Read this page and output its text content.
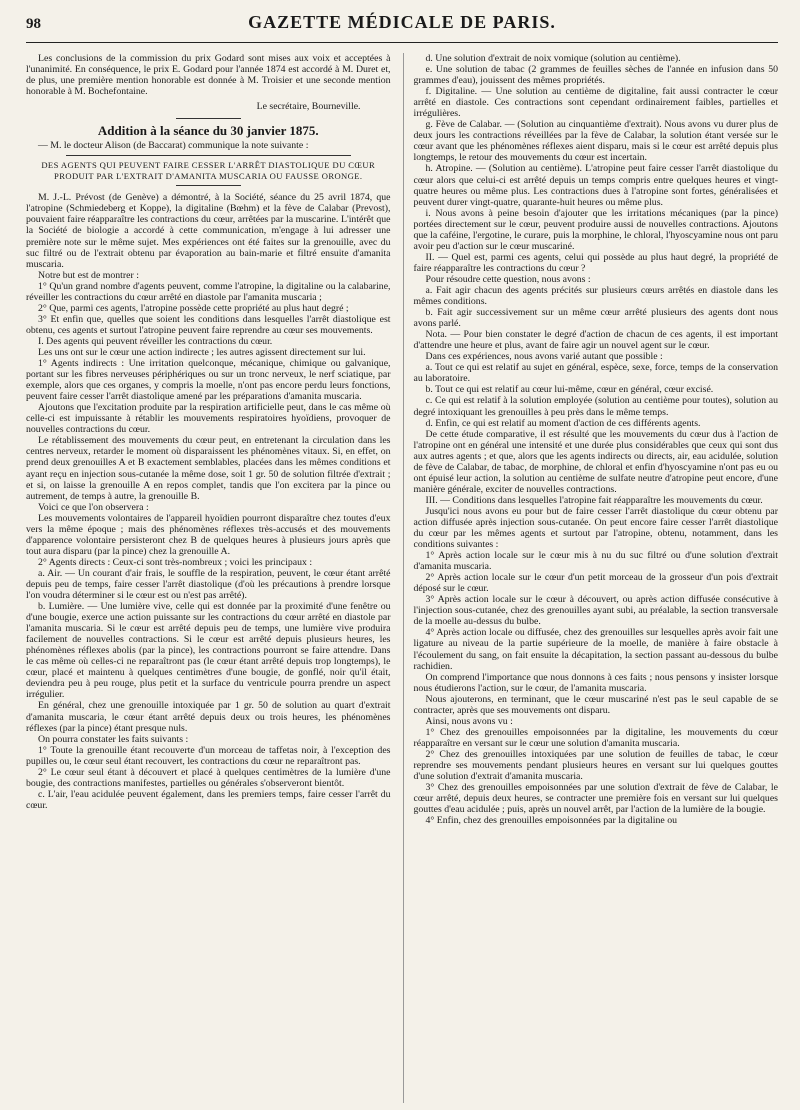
98	GAZETTE MÉDICALE DE PARIS.

Les conclusions de la commission du prix Godard sont mises aux voix et acceptées à l'unanimité. En conséquence, le prix E. Godard pour l'année 1874 est accordé à M. Duret et, de plus, une première mention honorable est donnée à M. Troisier et une seconde mention honorable à M. Bochefontaine.

Le secrétaire, Bourneville.
Addition à la séance du 30 janvier 1875.

— M. le docteur Alison (de Baccarat) communique la note suivante :

DES AGENTS QUI PEUVENT FAIRE CESSER L'ARRÊT DIASTOLIQUE DU CŒUR PRODUIT PAR L'EXTRAIT D'AMANITA MUSCARIA OU FAUSSE ORONGE.

M. J.-L. Prévost (de Genève) a démontré, à la Société, séance du 25 avril 1874, que l'atropine (Schmiedeberg et Koppe), la digitaline (Bœhm) et la fève de Calabar (Prevost), pouvaient faire réapparaître les contractions du cœur, arrêtées par la muscarine. L'intérêt que la Société de biologie a accordé à cette communication, m'engage à lui adresser une première note sur le même sujet. Mes expériences ont été faites sur la grenouille, avec du suc filtré ou de l'extrait obtenu par évaporation au bain-marie et filtré ensuite d'amanita muscaria.

Notre but est de montrer :

1° Qu'un grand nombre d'agents peuvent, comme l'atropine, la digitaline ou la calabarine, réveiller les contractions du cœur arrêté en diastole par l'amanita muscaria ;

2° Que, parmi ces agents, l'atropine possède cette propriété au plus haut degré ;

3° Et enfin que, quelles que soient les conditions dans lesquelles l'arrêt diastolique est obtenu, ces agents et surtout l'atropine peuvent faire reprendre au cœur ses mouvements.

I. Des agents qui peuvent réveiller les contractions du cœur.

Les uns ont sur le cœur une action indirecte ; les autres agissent directement sur lui.

1° Agents indirects : Une irritation quelconque, mécanique, chimique ou galvanique, portant sur les fibres nerveuses périphériques ou sur un tronc nerveux, le nerf sciatique, par exemple, alors que ces organes, y compris la moelle, n'ont pas encore perdu leurs fonctions, peuvent faire cesser l'arrêt diastolique amené par les préparations d'amanita muscaria.

Ajoutons que l'excitation produite par la respiration artificielle peut, dans le cas même où celle-ci est impuissante à rétablir les mouvements respiratoires hyoïdiens, provoquer de nouvelles contractions du cœur.

Le rétablissement des mouvements du cœur peut, en entretenant la circulation dans les centres nerveux, retarder le moment où disparaissent les phénomènes vitaux. Si, en effet, on prend deux grenouilles A et B exactement semblables, placées dans les mêmes conditions et ayant reçu en injection sous-cutanée la même dose, soit 1 gr. 50 de solution filtrée d'extrait ; et si, on laisse la grenouille A en repos complet, tandis que l'on excitera par la pince ou autrement, de temps à autre, la grenouille B.

Voici ce que l'on observera :

Les mouvements volontaires de l'appareil hyoïdien pourront disparaître chez toutes d'eux vers la même époque ; mais des phénomènes réflexes très-accusés et des mouvements d'apparence volontaire persisteront chez B de quelques heures à plusieurs jours après que tout aura disparu (par la pince) chez la grenouille A.

2° Agents directs : Ceux-ci sont très-nombreux ; voici les principaux :

a. Air. — Un courant d'air frais, le souffle de la respiration, peuvent, le cœur étant arrêté depuis peu de temps, faire cesser l'arrêt diastolique (d'où les précautions à prendre lorsque l'on voudra déterminer si le cœur est ou n'est pas arrêté).

b. Lumière. — Une lumière vive, celle qui est donnée par la proximité d'une fenêtre ou d'une bougie, exerce une action puissante sur les contractions du cœur arrêté en diastole par l'amanita muscaria. Si le cœur est arrêté depuis peu de temps, une lumière vive produira facilement de nouvelles contractions. Si le cœur est arrêté depuis plusieurs heures, les phénomènes réflexes abolis (par la pince), les contractions pourront se faire attendre. Dans le cas même où celles-ci ne reparaîtront pas (le cœur étant arrêté depuis trop longtemps), le cœur, placé et maintenu à quelques centimètres d'une bougie, de gonflé, noir qu'il était, deviendra peu à peu rouge, plus petit et la surface du ventricule pourra prendre un aspect irrégulier.

En général, chez une grenouille intoxiquée par 1 gr. 50 de solution au quart d'extrait d'amanita muscaria, le cœur étant arrêté depuis deux ou trois heures, les phénomènes réflexes (par la pince) étant presque nuls.

On pourra constater les faits suivants :

1° Toute la grenouille étant recouverte d'un morceau de taffetas noir, à l'exception des pupilles ou, le cœur seul étant recouvert, les contractions du cœur ne reparaîtront pas.

2° Le cœur seul étant à découvert et placé à quelques centimètres de la lumière d'une bougie, des contractions manifestes, partielles ou générales s'observeront bientôt.

c. L'air, l'eau acidulée peuvent également, dans les premiers temps, faire cesser l'arrêt du cœur.

d. Une solution d'extrait de noix vomique (solution au centième).

e. Une solution de tabac (2 grammes de feuilles sèches de l'année en infusion dans 50 grammes d'eau), jouissent des mêmes propriétés.

f. Digitaline. — Une solution au centième de digitaline, fait aussi contracter le cœur arrêté en diastole. Ces contractions sont cependant ordinairement faibles, partielles et irrégulières.

g. Fève de Calabar. — (Solution au cinquantième d'extrait). Nous avons vu durer plus de deux jours les contractions réveillées par la fève de Calabar, la solution étant versée sur le cœur avant que les phénomènes réflexes aient disparu, mais si le cœur est arrêté depuis plus longtemps, le retour des mouvements du cœur est incertain.

h. Atropine. — (Solution au centième). L'atropine peut faire cesser l'arrêt diastolique du cœur alors que celui-ci est arrêté depuis un temps compris entre quelques heures et vingt-quatre heures ou même plus. Les contractions dues à l'atropine sont fortes, généralisées et peuvent durer vingt-quatre, quarante-huit heures ou même plus.

i. Nous avons à peine besoin d'ajouter que les irritations mécaniques (par la pince) portées directement sur le cœur, peuvent produire aussi de nouvelles contractions. Ajoutons que la caféine, l'ergotine, le curare, puis la morphine, le chloral, l'hyoscyamine nous ont paru avoir peu d'action sur le cœur muscariné.

II. — Quel est, parmi ces agents, celui qui possède au plus haut degré, la propriété de faire réapparaître les contractions du cœur ?

Pour résoudre cette question, nous avons :

a. Fait agir chacun des agents précités sur plusieurs cœurs arrêtés en diastole dans les mêmes conditions.

b. Fait agir successivement sur un même cœur arrêté plusieurs des agents dont nous avons parlé.

Nota. — Pour bien constater le degré d'action de chacun de ces agents, il est important d'attendre une heure et plus, avant de faire agir un nouvel agent sur le cœur.

Dans ces expériences, nous avons varié autant que possible :

a. Tout ce qui est relatif au sujet en général, espèce, sexe, force, temps de la conservation au laboratoire.

b. Tout ce qui est relatif au cœur lui-même, cœur en général, cœur excisé.

c. Ce qui est relatif à la solution employée (solution au centième pour toutes), solution au degré intoxiquant les grenouilles à peu près dans le même temps.

d. Enfin, ce qui est relatif au moment d'action de ces différents agents.

De cette étude comparative, il est résulté que les mouvements du cœur dus à l'action de l'atropine ont en général une intensité et une durée plus considérables que ceux qui sont dus aux autres agents ; et que, alors que les agents indirects ou directs, air, eau acidulée, solution de fève de Calabar, de tabac, de morphine, de chloral et enfin d'hyoscyamine n'ont pas eu ou ont épuisé leur action, la solution au centième de sulfate neutre d'atropine peut encore, d'une manière générale, exciter de nouvelles contractions.

III. — Conditions dans lesquelles l'atropine fait réapparaître les mouvements du cœur.

Jusqu'ici nous avons eu pour but de faire cesser l'arrêt diastolique du cœur obtenu par action diffusée après injection sous-cutanée. On peut encore faire cesser l'arrêt diastolique du cœur par les mêmes agents et surtout par l'atropine, obtenu, notamment, dans les conditions suivantes :

1° Après action locale sur le cœur mis à nu du suc filtré ou d'une solution d'extrait d'amanita muscaria.

2° Après action locale sur le cœur d'un petit morceau de la grosseur d'un pois d'extrait déposé sur le cœur.

3° Après action locale sur le cœur à découvert, ou après action diffusée consécutive à l'injection sous-cutanée, chez des grenouilles ayant subi, au préalable, la section transversale de la moelle au-dessus du bulbe.

4° Après action locale ou diffusée, chez des grenouilles sur lesquelles après avoir fait une ligature au niveau de la partie supérieure de la moelle, de manière à faire obstacle à l'écoulement du sang, on fait ensuite la décapitation, la section passant au-dessous du bulbe rachidien.

On comprend l'importance que nous donnons à ces faits ; nous pensons y insister lorsque nous étudierons l'action, sur le cœur, de l'amanita muscaria.

Nous ajouterons, en terminant, que le cœur muscariné n'est pas le seul capable de se contracter, après que ses mouvements ont disparu.

Ainsi, nous avons vu :

1° Chez des grenouilles empoisonnées par la digitaline, les mouvements du cœur réapparaître en versant sur le cœur une solution d'amanita muscaria.

2° Chez des grenouilles intoxiquées par une solution de feuilles de tabac, le cœur reprendre ses mouvements pendant plusieurs heures en versant sur lui quelques gouttes d'une solution d'extrait d'amanita muscaria.

3° Chez des grenouilles empoisonnées par une solution d'extrait de fève de Calabar, le cœur arrêté, depuis deux heures, se contracter une première fois en versant sur lui quelques gouttes d'eau acidulée ; puis, après un nouvel arrêt, par l'action de la lumière de la bougie.

4° Enfin, chez des grenouilles empoisonnées par la digitaline ou
